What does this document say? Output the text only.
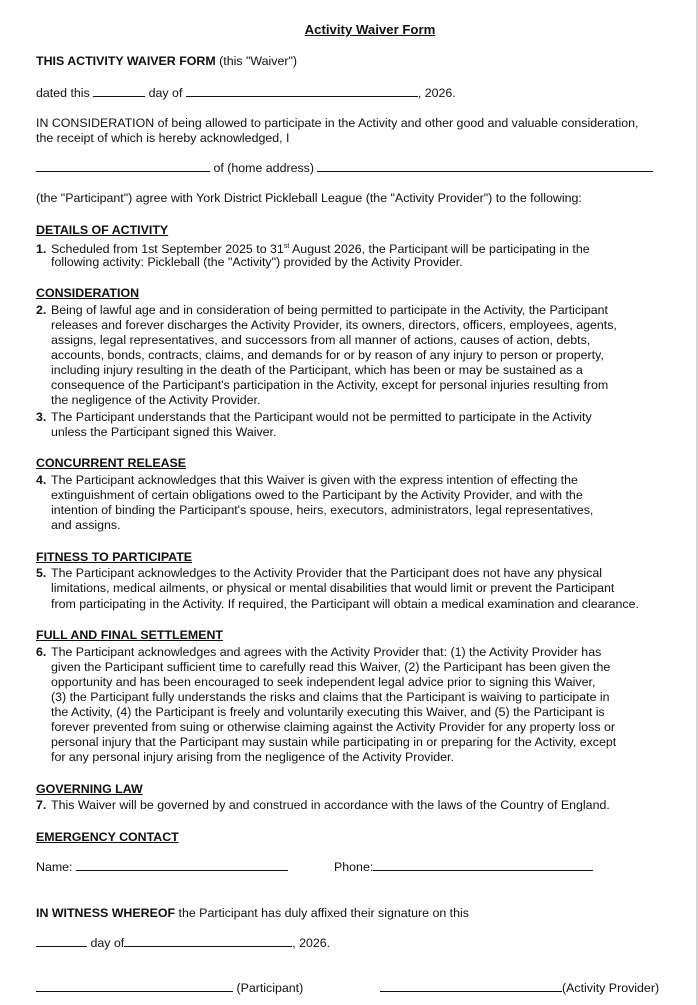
Activity Waiver Form
THIS ACTIVITY WAIVER FORM (this "Waiver")
dated this	day of	, 2026.
IN CONSIDERATION of being allowed to participate in the Activity and other good and valuable consideration,
the receipt of which is hereby acknowledged, I
of (home address)
(the "Participant") agree with York District Pickleball League (the "Activity Provider") to the following:
DETAILS OF ACTIVITY
1. Scheduled from 1st September 2025 to 31st August 2026, the Participant will be participating in the
following activity: Pickleball (the "Activity") provided by the Activity Provider.
CONSIDERATION
2. Being of lawful age and in consideration of being permitted to participate in the Activity, the Participant
releases and forever discharges the Activity Provider, its owners, directors, officers, employees, agents,
assigns, legal representatives, and successors from all manner of actions, causes of action, debts,
accounts, bonds, contracts, claims, and demands for or by reason of any injury to person or property,
including injury resulting in the death of the Participant, which has been or may be sustained as a
consequence of the Participant's participation in the Activity, except for personal injuries resulting from
the negligence of the Activity Provider.
3. The Participant understands that the Participant would not be permitted to participate in the Activity
unless the Participant signed this Waiver.
CONCURRENT RELEASE
4. The Participant acknowledges that this Waiver is given with the express intention of effecting the
extinguishment of certain obligations owed to the Participant by the Activity Provider, and with the
intention of binding the Participant's spouse, heirs, executors, administrators, legal representatives,
and assigns.
FITNESS TO PARTICIPATE
5. The Participant acknowledges to the Activity Provider that the Participant does not have any physical
limitations, medical ailments, or physical or mental disabilities that would limit or prevent the Participant
from participating in the Activity. If required, the Participant will obtain a medical examination and clearance.
FULL AND FINAL SETTLEMENT
6. The Participant acknowledges and agrees with the Activity Provider that: (1) the Activity Provider has
given the Participant sufficient time to carefully read this Waiver, (2) the Participant has been given the
opportunity and has been encouraged to seek independent legal advice prior to signing this Waiver,
(3) the Participant fully understands the risks and claims that the Participant is waiving to participate in
the Activity, (4) the Participant is freely and voluntarily executing this Waiver, and (5) the Participant is
forever prevented from suing or otherwise claiming against the Activity Provider for any property loss or
personal injury that the Participant may sustain while participating in or preparing for the Activity, except
for any personal injury arising from the negligence of the Activity Provider.
GOVERNING LAW
7. This Waiver will be governed by and construed in accordance with the laws of the Country of England.
EMERGENCY CONTACT
Name:	Phone:
IN WITNESS WHEREOF the Participant has duly affixed their signature on this
day of	, 2026.
(Participant)	(Activity Provider)
